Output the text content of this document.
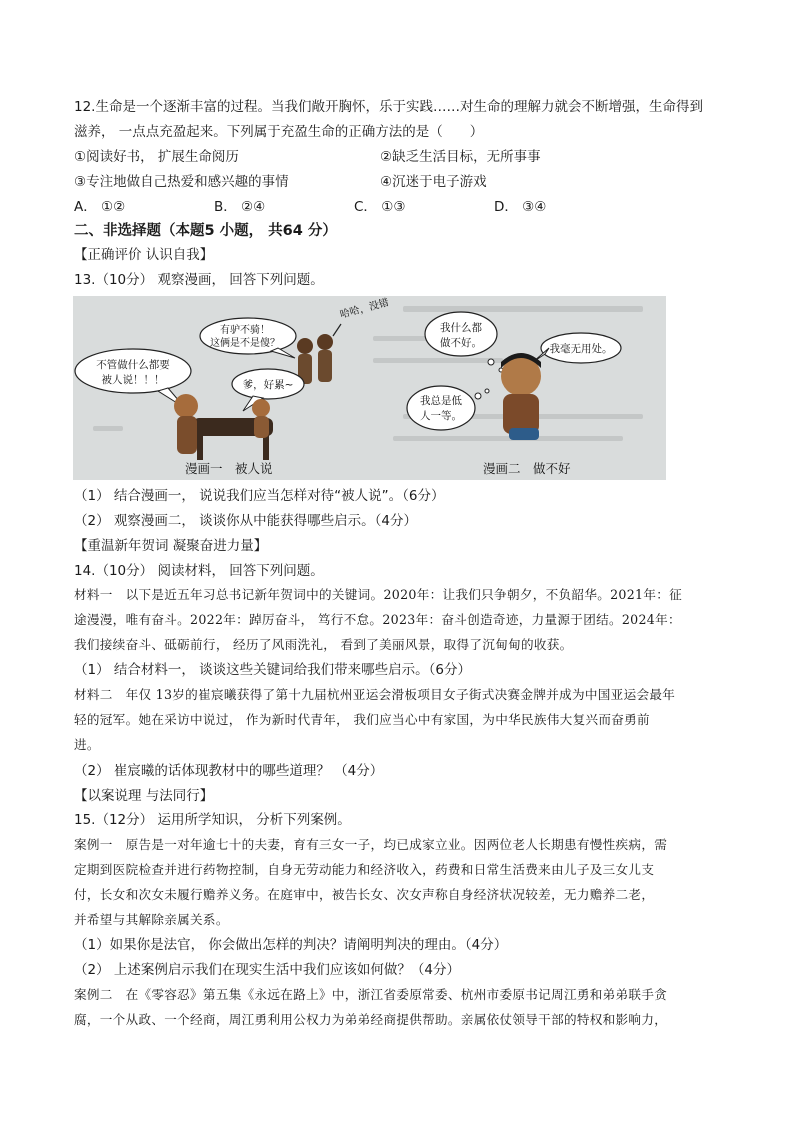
12.生命是一个逐渐丰富的过程。当我们敞开胸怀，乐于实践……对生命的理解力就会不断增强，生命得到
滋养， 一点点充盈起来。下列属于充盈生命的正确方法的是（　　）
①阅读好书， 扩展生命阅历	②缺乏生活目标，无所事事
③专注地做自己热爱和感兴趣的事情	④沉迷于电子游戏
A． ①②	B． ②④	C． ①③	D． ③④
二、非选择题（本题5 小题， 共64 分）
【正确评价 认识自我】
13.（10分） 观察漫画， 回答下列问题。
不管做什么都要
被人说！！！
有驴不骑！
这俩是不是傻？
哈哈，没错
爹，好累~
漫画一　被人说
我什么都
做不好。	我毫无用处。
我总是低
人一等。
漫画二　做不好
（1） 结合漫画一， 说说我们应当怎样对待“被人说”。（6分）
（2） 观察漫画二， 谈谈你从中能获得哪些启示。（4分）
【重温新年贺词 凝聚奋进力量】
14.（10分） 阅读材料， 回答下列问题。
材料一　以下是近五年习总书记新年贺词中的关键词。2020年：让我们只争朝夕，不负韶华。2021年：征
途漫漫，唯有奋斗。2022年：踔厉奋斗， 笃行不怠。2023年：奋斗创造奇迹，力量源于团结。2024年：
我们接续奋斗、砥砺前行， 经历了风雨洗礼， 看到了美丽风景，取得了沉甸甸的收获。
（1） 结合材料一， 谈谈这些关键词给我们带来哪些启示。（6分）
材料二　年仅 13岁的崔宸曦获得了第十九届杭州亚运会滑板项目女子街式决赛金牌并成为中国亚运会最年
轻的冠军。她在采访中说过， 作为新时代青年， 我们应当心中有家国，为中华民族伟大复兴而奋勇前
进。
（2） 崔宸曦的话体现教材中的哪些道理？ （4分）
【以案说理 与法同行】
15.（12分） 运用所学知识， 分析下列案例。
案例一　原告是一对年逾七十的夫妻，育有三女一子，均已成家立业。因两位老人长期患有慢性疾病，需
定期到医院检查并进行药物控制，自身无劳动能力和经济收入，药费和日常生活费来由儿子及三女儿支
付，长女和次女未履行赡养义务。在庭审中，被告长女、次女声称自身经济状况较差，无力赡养二老，
并希望与其解除亲属关系。
（1）如果你是法官， 你会做出怎样的判决？请阐明判决的理由。（4分）
（2） 上述案例启示我们在现实生活中我们应该如何做？（4分）
案例二　在《零容忍》第五集《永远在路上》中，浙江省委原常委、杭州市委原书记周江勇和弟弟联手贪
腐，一个从政、一个经商，周江勇利用公权力为弟弟经商提供帮助。亲属依仗领导干部的特权和影响力，
